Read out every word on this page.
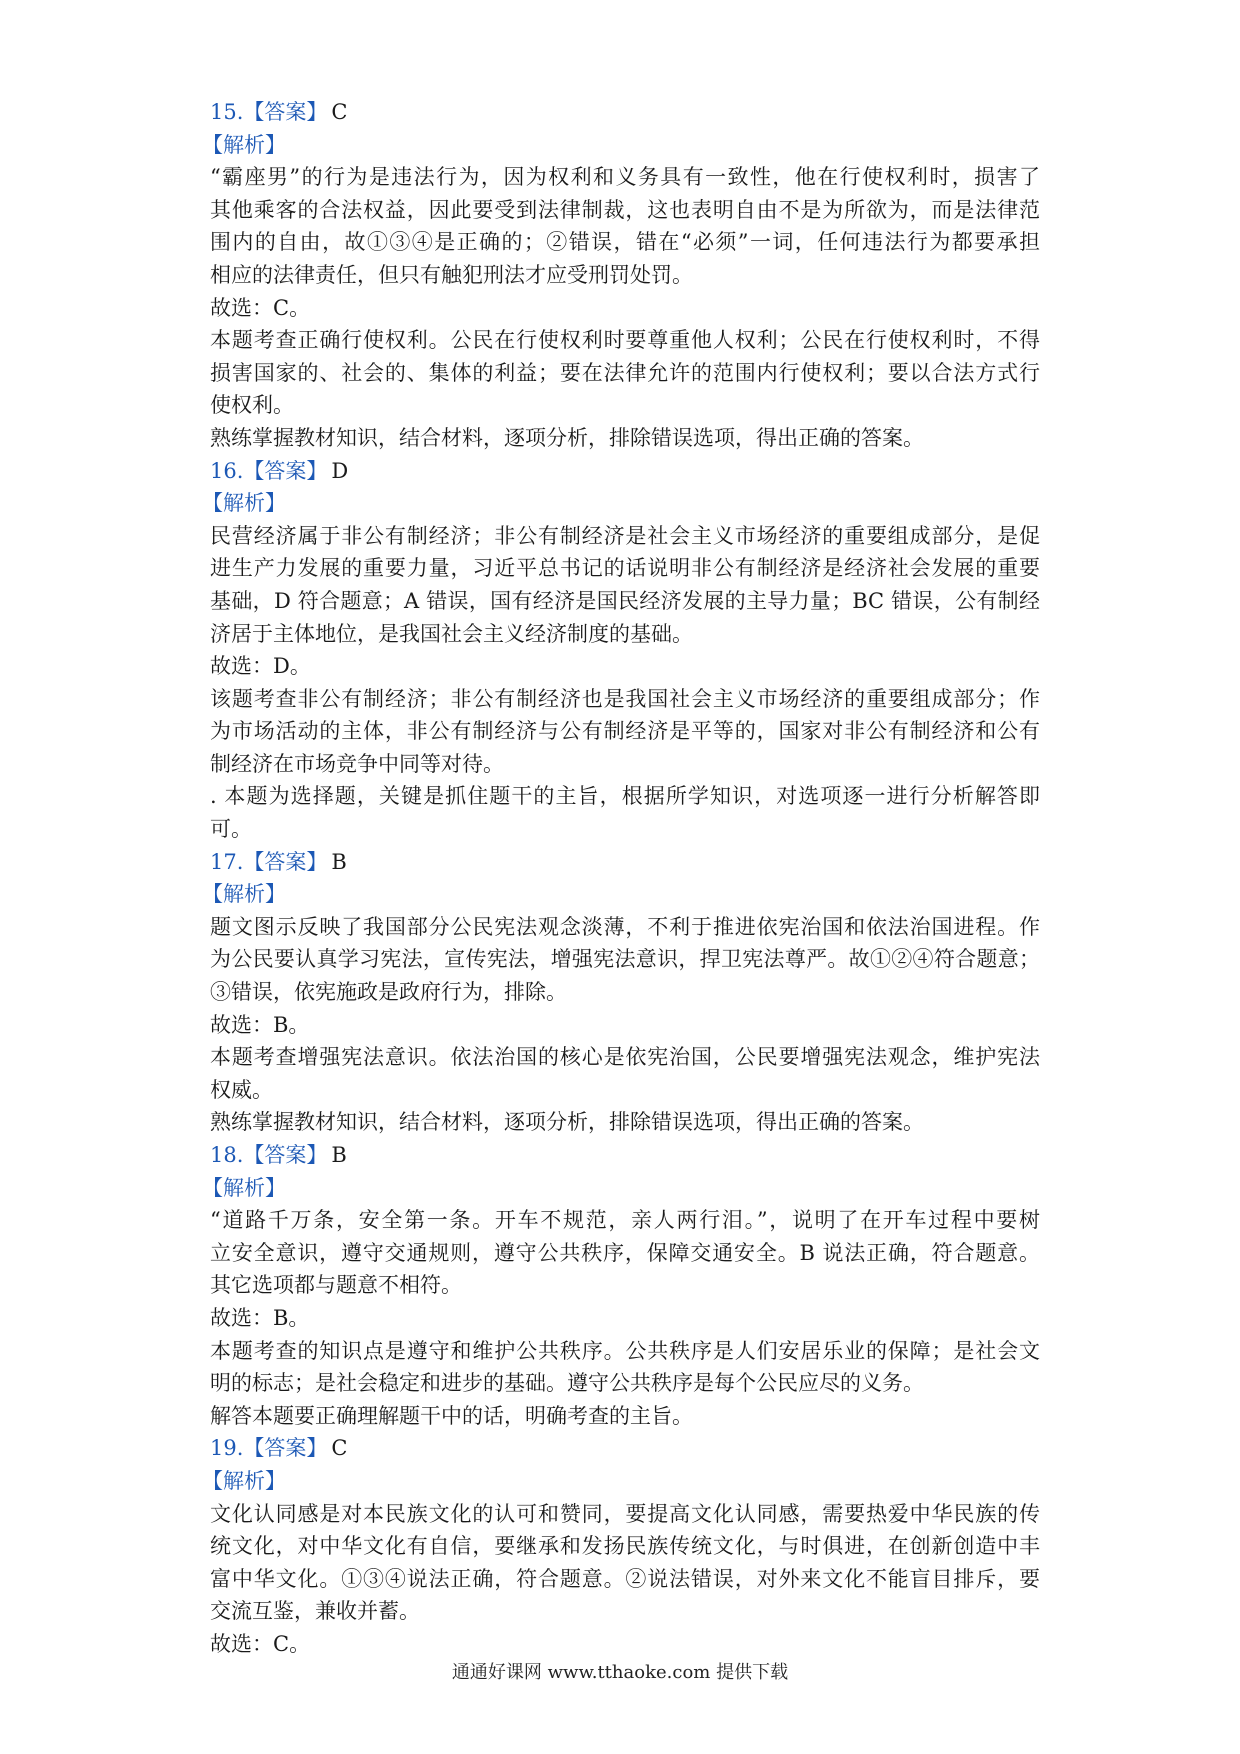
15.【答案】 C
【解析】
“霸座男”的行为是违法行为，因为权利和义务具有一致性，他在行使权利时，损害了
其他乘客的合法权益，因此要受到法律制裁，这也表明自由不是为所欲为，而是法律范
围内的自由，故①③④是正确的；②错误，错在“必须”一词，任何违法行为都要承担
相应的法律责任，但只有触犯刑法才应受刑罚处罚。
故选：C。
本题考查正确行使权利。公民在行使权利时要尊重他人权利；公民在行使权利时，不得
损害国家的、社会的、集体的利益；要在法律允许的范围内行使权利；要以合法方式行
使权利。
熟练掌握教材知识，结合材料，逐项分析，排除错误选项，得出正确的答案。
16.【答案】 D
【解析】
民营经济属于非公有制经济；非公有制经济是社会主义市场经济的重要组成部分，是促
进生产力发展的重要力量，习近平总书记的话说明非公有制经济是经济社会发展的重要
基础，D 符合题意；A 错误，国有经济是国民经济发展的主导力量；BC 错误，公有制经
济居于主体地位，是我国社会主义经济制度的基础。
故选：D。
该题考查非公有制经济；非公有制经济也是我国社会主义市场经济的重要组成部分；作
为市场活动的主体，非公有制经济与公有制经济是平等的，国家对非公有制经济和公有
制经济在市场竞争中同等对待。
. 本题为选择题，关键是抓住题干的主旨，根据所学知识，对选项逐一进行分析解答即
可。
17.【答案】 B
【解析】
题文图示反映了我国部分公民宪法观念淡薄，不利于推进依宪治国和依法治国进程。作
为公民要认真学习宪法，宣传宪法，增强宪法意识，捍卫宪法尊严。故①②④符合题意；
③错误，依宪施政是政府行为，排除。
故选：B。
本题考查增强宪法意识。依法治国的核心是依宪治国，公民要增强宪法观念，维护宪法
权威。
熟练掌握教材知识，结合材料，逐项分析，排除错误选项，得出正确的答案。
18.【答案】 B
【解析】
“道路千万条，安全第一条。开车不规范，亲人两行泪。”，说明了在开车过程中要树
立安全意识，遵守交通规则，遵守公共秩序，保障交通安全。B 说法正确，符合题意。
其它选项都与题意不相符。
故选：B。
本题考查的知识点是遵守和维护公共秩序。公共秩序是人们安居乐业的保障；是社会文
明的标志；是社会稳定和进步的基础。遵守公共秩序是每个公民应尽的义务。
解答本题要正确理解题干中的话，明确考查的主旨。
19.【答案】 C
【解析】
文化认同感是对本民族文化的认可和赞同，要提高文化认同感，需要热爱中华民族的传
统文化，对中华文化有自信，要继承和发扬民族传统文化，与时俱进，在创新创造中丰
富中华文化。①③④说法正确，符合题意。②说法错误，对外来文化不能盲目排斥，要
交流互鉴，兼收并蓄。
故选：C。
通通好课网 www.tthaoke.com 提供下载
